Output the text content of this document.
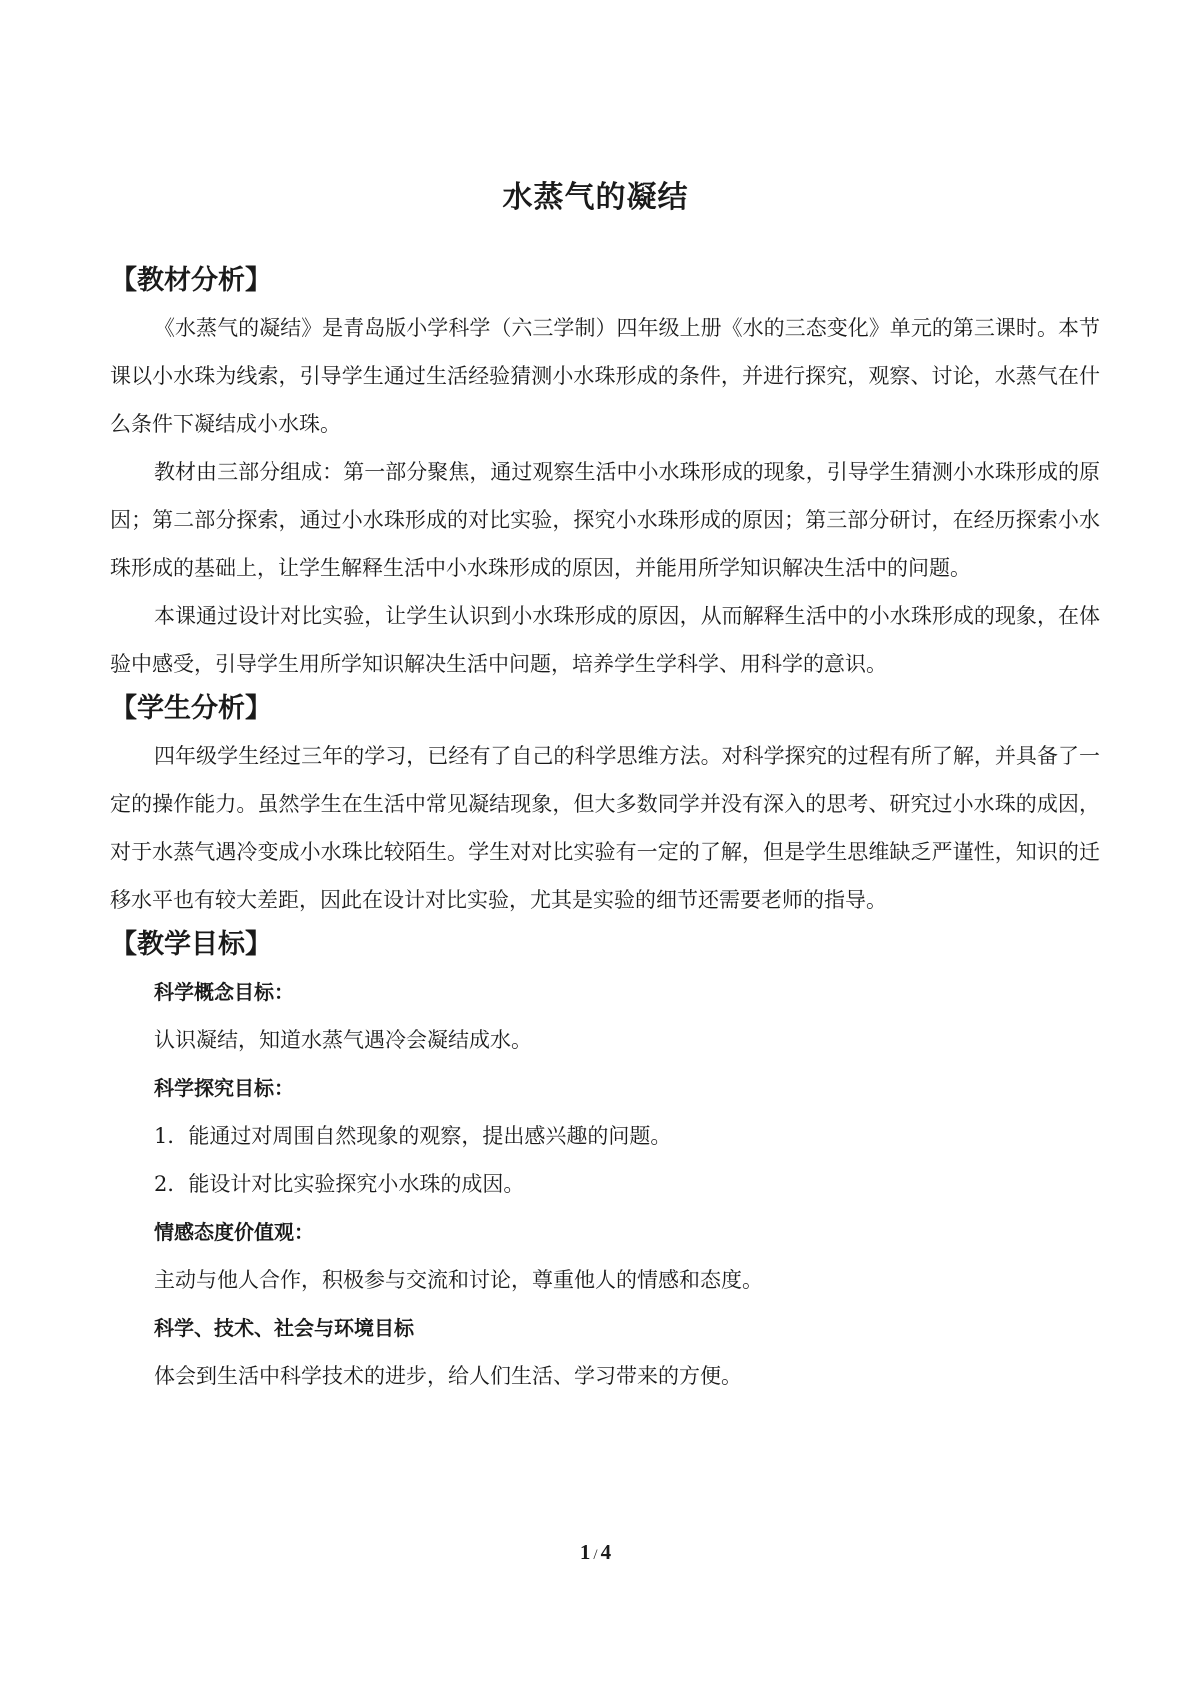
水蒸气的凝结
【教材分析】

《水蒸气的凝结》是青岛版小学科学（六三学制）四年级上册《水的三态变化》单元的第三课时。本节课以小水珠为线索，引导学生通过生活经验猜测小水珠形成的条件，并进行探究，观察、讨论，水蒸气在什么条件下凝结成小水珠。

教材由三部分组成：第一部分聚焦，通过观察生活中小水珠形成的现象，引导学生猜测小水珠形成的原因；第二部分探索，通过小水珠形成的对比实验，探究小水珠形成的原因；第三部分研讨，在经历探索小水珠形成的基础上，让学生解释生活中小水珠形成的原因，并能用所学知识解决生活中的问题。

本课通过设计对比实验，让学生认识到小水珠形成的原因，从而解释生活中的小水珠形成的现象，在体验中感受，引导学生用所学知识解决生活中问题，培养学生学科学、用科学的意识。

【学生分析】

四年级学生经过三年的学习，已经有了自己的科学思维方法。对科学探究的过程有所了解，并具备了一定的操作能力。虽然学生在生活中常见凝结现象，但大多数同学并没有深入的思考、研究过小水珠的成因，对于水蒸气遇冷变成小水珠比较陌生。学生对对比实验有一定的了解，但是学生思维缺乏严谨性，知识的迁移水平也有较大差距，因此在设计对比实验，尤其是实验的细节还需要老师的指导。

【教学目标】

科学概念目标：

认识凝结，知道水蒸气遇冷会凝结成水。

科学探究目标：

1．能通过对周围自然现象的观察，提出感兴趣的问题。

2．能设计对比实验探究小水珠的成因。

情感态度价值观：

主动与他人合作，积极参与交流和讨论，尊重他人的情感和态度。

科学、技术、社会与环境目标

体会到生活中科学技术的进步，给人们生活、学习带来的方便。

1 / 4
